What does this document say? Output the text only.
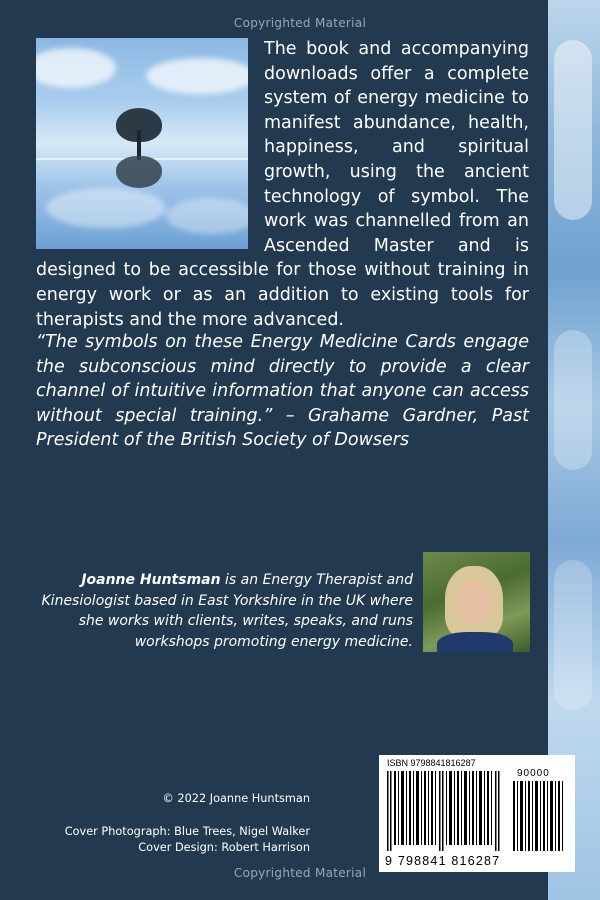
Copyrighted Material

The book and accompanying downloads offer a complete system of energy medicine to manifest abundance, health, happiness, and spiritual growth, using the ancient technology of symbol. The work was channelled from an Ascended Master and is designed to be accessible for those without training in energy work or as an addition to existing tools for therapists and the more advanced.

“The symbols on these Energy Medicine Cards engage the subconscious mind directly to provide a clear channel of intuitive information that anyone can access without special training.” – Grahame Gardner, Past President of the British Society of Dowsers

Joanne Huntsman is an Energy Therapist and Kinesiologist based in East Yorkshire in the UK where she works with clients, writes, speaks, and runs workshops promoting energy medicine.

© 2022 Joanne Huntsman
Cover Photograph: Blue Trees, Nigel Walker
Cover Design: Robert Harrison
ISBN 9798841816287
90000
9 798841 816287
Copyrighted Material
